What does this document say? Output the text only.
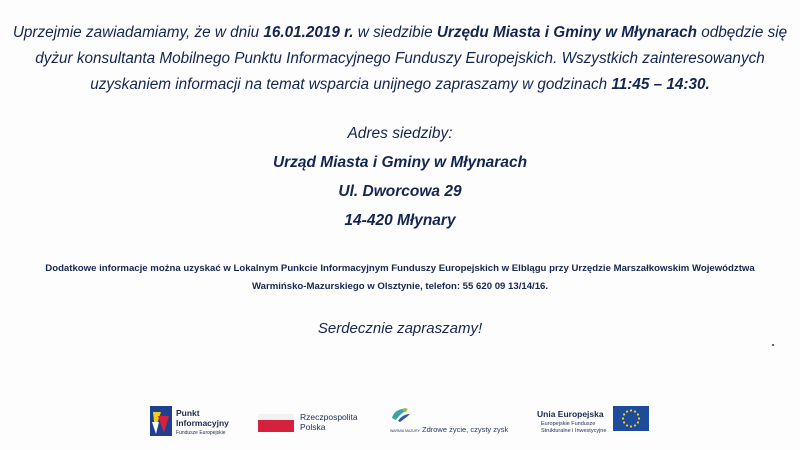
Uprzejmie zawiadamiamy, że w dniu 16.01.2019 r. w siedzibie Urzędu Miasta i Gminy w Młynarach odbędzie się dyżur konsultanta Mobilnego Punktu Informacyjnego Funduszy Europejskich. Wszystkich zainteresowanych uzyskaniem informacji na temat wsparcia unijnego zapraszamy w godzinach 11:45 – 14:30.
Adres siedziby:
Urząd Miasta i Gminy w Młynarach
Ul. Dworcowa 29
14-420 Młynary
Dodatkowe informacje można uzyskać w Lokalnym Punkcie Informacyjnym Funduszy Europejskich w Elblągu przy Urzędzie Marszałkowskim Województwa
Warmińsko-Mazurskiego w Olsztynie, telefon: 55 620 09 13/14/16.
Serdecznie zapraszamy!
Punkt
Informacyjny
Fundusze Europejskie
Rzeczpospolita
Polska	WARMIA MAZURY Zdrowe życie, czysty zysk
Unia Europejska
Europejskie Fundusze
Strukturalne i Inwestycyjne
